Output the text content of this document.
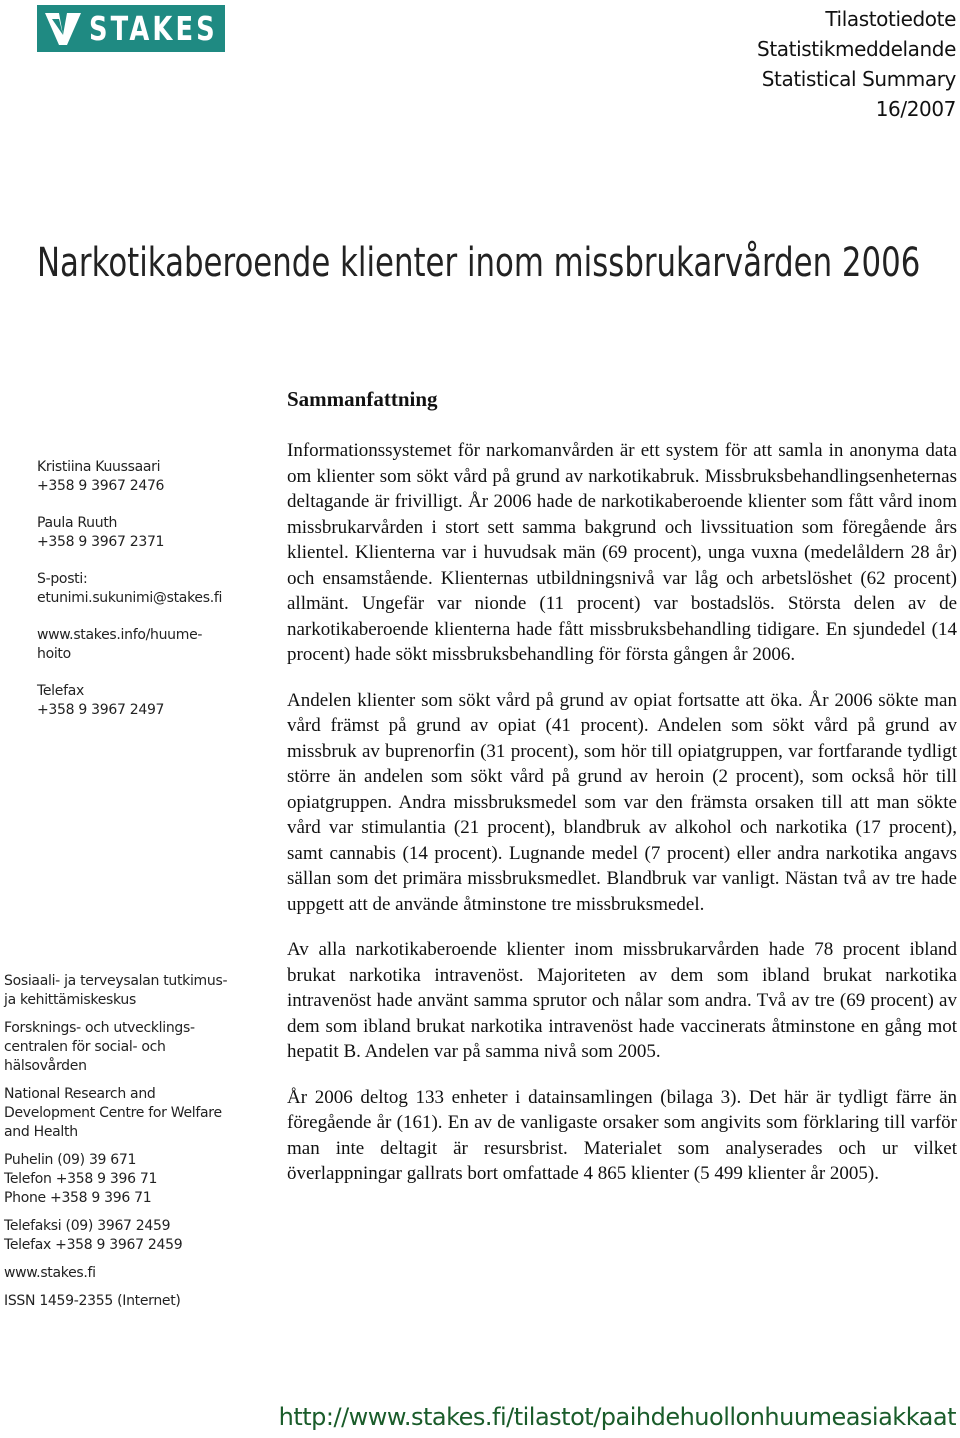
STAKES	Tilastotiedote
Statistikmeddelande
Statistical Summary
16/2007
Narkotikaberoende klienter inom missbrukarvården 2006
Kristiina Kuussaari
+358 9 3967 2476
Paula Ruuth
+358 9 3967 2371
S-posti:
etunimi.sukunimi@stakes.fi
www.stakes.info/huume-
hoito
Telefax
+358 9 3967 2497
Sosiaali- ja terveysalan tutkimus-
ja kehittämiskeskus
Forsknings- och utvecklings-
centralen för social- och
hälsovården
National Research and
Development Centre for Welfare
and Health
Puhelin (09) 39 671
Telefon +358 9 396 71
Phone +358 9 396 71
Telefaksi (09) 3967 2459
Telefax +358 9 3967 2459
www.stakes.fi
ISSN 1459-2355 (Internet)
Sammanfattning

Informationssystemet för narkomanvården är ett system för att samla in anonyma data om klienter som sökt vård på grund av narkotikabruk. Missbruksbehandlingsenheternas deltagande är frivilligt. År 2006 hade de narkotikaberoende klienter som fått vård inom missbrukarvården i stort sett samma bakgrund och livssituation som föregående års klientel. Klienterna var i huvudsak män (69 procent), unga vuxna (medelåldern 28 år) och ensamstående. Klienternas utbildningsnivå var låg och arbetslöshet (62 procent) allmänt. Ungefär var nionde (11 procent) var bostadslös. Största delen av de narkotikaberoende klienterna hade fått missbruksbehandling tidigare. En sjundedel (14 procent) hade sökt missbruksbehandling för första gången år 2006.

Andelen klienter som sökt vård på grund av opiat fortsatte att öka. År 2006 sökte man vård främst på grund av opiat (41 procent). Andelen som sökt vård på grund av missbruk av buprenorfin (31 procent), som hör till opiatgruppen, var fortfarande tydligt större än andelen som sökt vård på grund av heroin (2 procent), som också hör till opiatgruppen. Andra missbruksmedel som var den främsta orsaken till att man sökte vård var stimulantia (21 procent), blandbruk av alkohol och narkotika (17 procent), samt cannabis (14 procent). Lugnande medel (7 procent) eller andra narkotika angavs sällan som det primära missbruksmedlet. Blandbruk var vanligt. Nästan två av tre hade uppgett att de använde åtminstone tre missbruksmedel.

Av alla narkotikaberoende klienter inom missbrukarvården hade 78 procent ibland brukat narkotika intravenöst. Majoriteten av dem som ibland brukat narkotika intravenöst hade använt samma sprutor och nålar som andra. Två av tre (69 procent) av dem som ibland brukat narkotika intravenöst hade vaccinerats åtminstone en gång mot hepatit B. Andelen var på samma nivå som 2005.

År 2006 deltog 133 enheter i datainsamlingen (bilaga 3). Det här är tydligt färre än föregående år (161). En av de vanligaste orsaker som angivits som förklaring till varför man inte deltagit är resursbrist. Materialet som analyserades och ur vilket överlappningar gallrats bort omfattade 4 865 klienter (5 499 klienter år 2005).

http://www.stakes.fi/tilastot/paihdehuollonhuumeasiakkaat
